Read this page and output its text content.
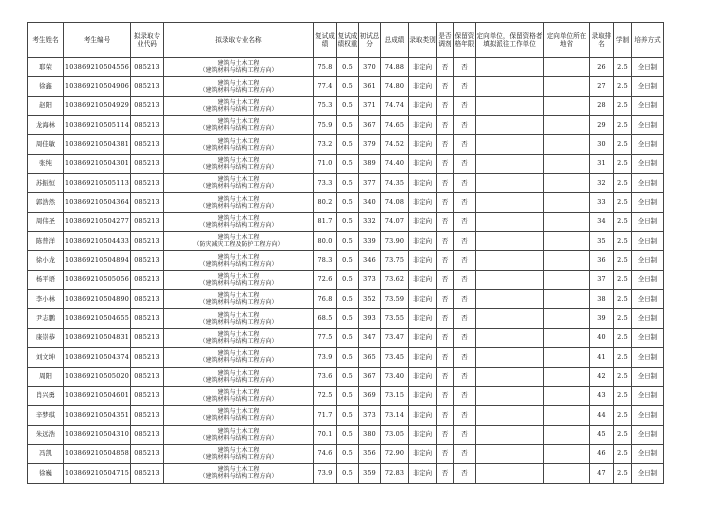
考生姓名	考生编号	拟录取专业代码	拟录取专业名称	复试成绩	复试成绩权重	初试总分	总成绩	录取类别	是否调剂	保留资格年限	定向单位，保留资格者填拟派往工作单位	定向单位所在地省	录取排名	学制	培养方式
耶荣	103869210504556	085213	建筑与土木工程
（建筑材料与结构工程方向）	75.8	0.5	370	74.88	非定向	否	否			26	2.5	全日制
徐鑫	103869210504906	085213	建筑与土木工程
（建筑材料与结构工程方向）	77.4	0.5	361	74.80	非定向	否	否			27	2.5	全日制
赵阳	103869210504929	085213	建筑与土木工程
（建筑材料与结构工程方向）	75.3	0.5	371	74.74	非定向	否	否			28	2.5	全日制
龙海林	103869210505114	085213	建筑与土木工程
（建筑材料与结构工程方向）	75.9	0.5	367	74.65	非定向	否	否			29	2.5	全日制
周佳敏	103869210504381	085213	建筑与土木工程
（建筑材料与结构工程方向）	73.2	0.5	379	74.52	非定向	否	否			30	2.5	全日制
张纯	103869210504301	085213	建筑与土木工程
（建筑材料与结构工程方向）	71.0	0.5	389	74.40	非定向	否	否			31	2.5	全日制
苏振恒	103869210505113	085213	建筑与土木工程
（建筑材料与结构工程方向）	73.3	0.5	377	74.35	非定向	否	否			32	2.5	全日制
郭浩然	103869210504364	085213	建筑与土木工程
（建筑材料与结构工程方向）	80.2	0.5	340	74.08	非定向	否	否			33	2.5	全日制
周伟圣	103869210504277	085213	建筑与土木工程
（建筑材料与结构工程方向）	81.7	0.5	332	74.07	非定向	否	否			34	2.5	全日制
陈普洋	103869210504433	085213	建筑与土木工程
（防灾减灾工程及防护工程方向）	80.0	0.5	339	73.90	非定向	否	否			35	2.5	全日制
徐小龙	103869210504894	085213	建筑与土木工程
（建筑材料与结构工程方向）	78.3	0.5	346	73.75	非定向	否	否			36	2.5	全日制
杨平语	103869210505056	085213	建筑与土木工程
（建筑材料与结构工程方向）	72.6	0.5	373	73.62	非定向	否	否			37	2.5	全日制
李小林	103869210504890	085213	建筑与土木工程
（建筑材料与结构工程方向）	76.8	0.5	352	73.59	非定向	否	否			38	2.5	全日制
尹志鹏	103869210504655	085213	建筑与土木工程
（建筑材料与结构工程方向）	68.5	0.5	393	73.55	非定向	否	否			39	2.5	全日制
康崇恭	103869210504831	085213	建筑与土木工程
（建筑材料与结构工程方向）	77.5	0.5	347	73.47	非定向	否	否			40	2.5	全日制
刘文坤	103869210504374	085213	建筑与土木工程
（建筑材料与结构工程方向）	73.9	0.5	365	73.45	非定向	否	否			41	2.5	全日制
周阳	103869210505020	085213	建筑与土木工程
（建筑材料与结构工程方向）	73.6	0.5	367	73.40	非定向	否	否			42	2.5	全日制
肖兴勇	103869210504601	085213	建筑与土木工程
（建筑材料与结构工程方向）	72.5	0.5	369	73.15	非定向	否	否			43	2.5	全日制
辛梦琪	103869210504351	085213	建筑与土木工程
（建筑材料与结构工程方向）	71.7	0.5	373	73.14	非定向	否	否			44	2.5	全日制
朱远浩	103869210504310	085213	建筑与土木工程
（建筑材料与结构工程方向）	70.1	0.5	380	73.05	非定向	否	否			45	2.5	全日制
冯凯	103869210504858	085213	建筑与土木工程
（建筑材料与结构工程方向）	74.6	0.5	356	72.90	非定向	否	否			46	2.5	全日制
徐巍	103869210504715	085213	建筑与土木工程
（建筑材料与结构工程方向）	73.9	0.5	359	72.83	非定向	否	否			47	2.5	全日制
